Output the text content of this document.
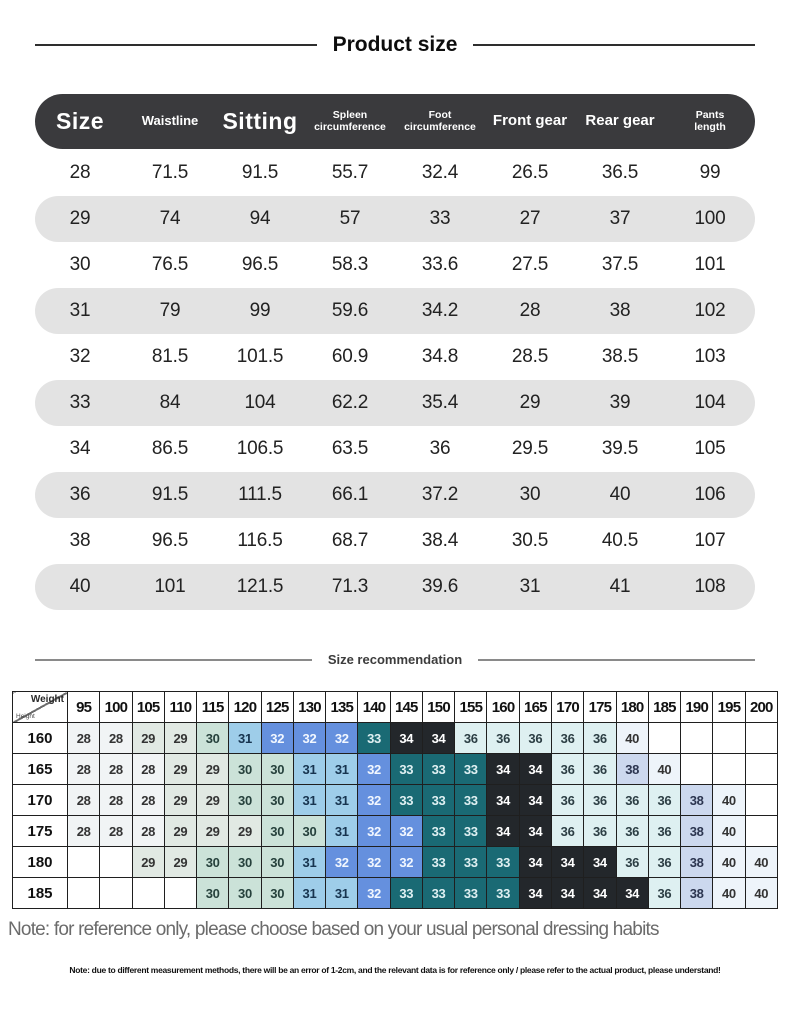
Product size
Size	Waistline	Sitting	Spleen
circumference
Foot
circumference	Front gear	Rear gear	Pants
length
28	71.5	91.5	55.7	32.4	26.5	36.5	99
29	74	94	57	33	27	37	100
30	76.5	96.5	58.3	33.6	27.5	37.5	101
31	79	99	59.6	34.2	28	38	102
32	81.5	101.5	60.9	34.8	28.5	38.5	103
33	84	104	62.2	35.4	29	39	104
34	86.5	106.5	63.5	36	29.5	39.5	105
36	91.5	111.5	66.1	37.2	30	40	106
38	96.5	116.5	68.7	38.4	30.5	40.5	107
40	101	121.5	71.3	39.6	31	41	108
Size recommendation
Weight
Height	95	100	105	110	115	120	125	130	135	140	145	150	155	160	165	170	175	180	185	190	195	200
160	28	28	29	29	30	31	32	32	32	33	34	34	36	36	36	36	36	40				
165	28	28	28	29	29	30	30	31	31	32	33	33	33	34	34	36	36	38	40			
170	28	28	28	29	29	30	30	31	31	32	33	33	33	34	34	36	36	36	36	38	40	
175	28	28	28	29	29	29	30	30	31	32	32	33	33	34	34	36	36	36	36	38	40	
180			29	29	30	30	30	31	32	32	32	33	33	33	34	34	34	36	36	38	40	40
185					30	30	30	31	31	32	33	33	33	33	34	34	34	34	36	38	40	40

Note: for reference only, please choose based on your usual personal dressing habits

Note: due to different measurement methods, there will be an error of 1-2cm, and the relevant data is for reference only / please refer to the actual product, please understand!
